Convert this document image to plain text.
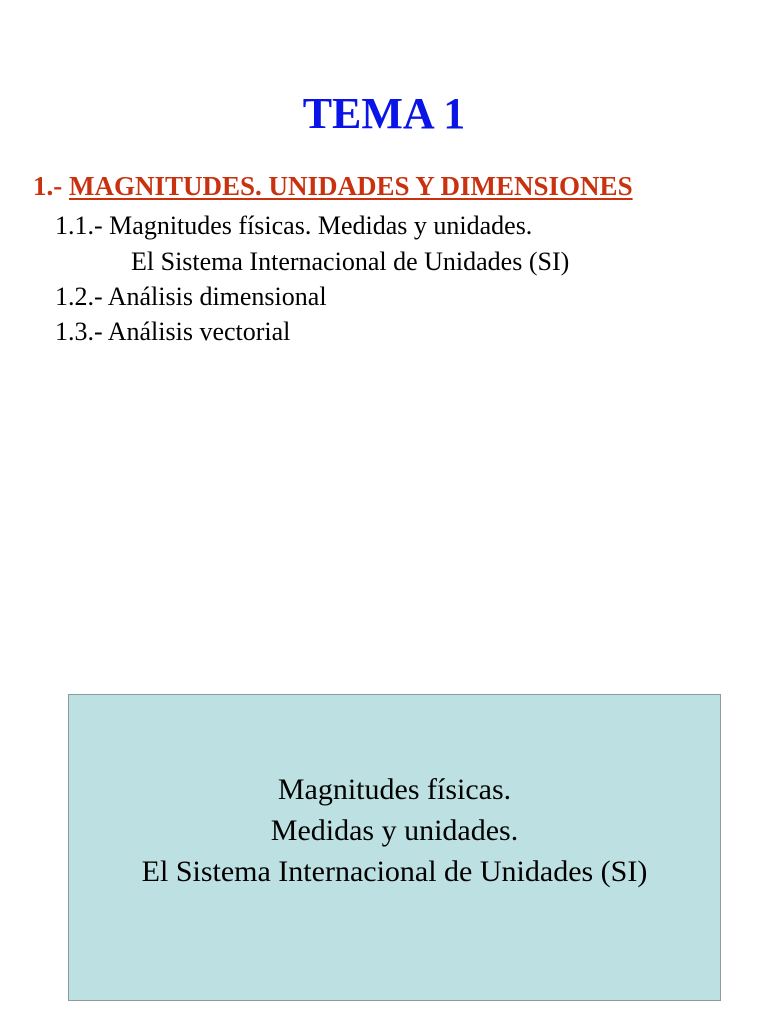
TEMA 1
1.- MAGNITUDES. UNIDADES Y DIMENSIONES
1.1.- Magnitudes físicas. Medidas y unidades.
El Sistema Internacional de Unidades (SI)
1.2.- Análisis dimensional
1.3.- Análisis vectorial
Magnitudes físicas.
Medidas y unidades.
El Sistema Internacional de Unidades (SI)
